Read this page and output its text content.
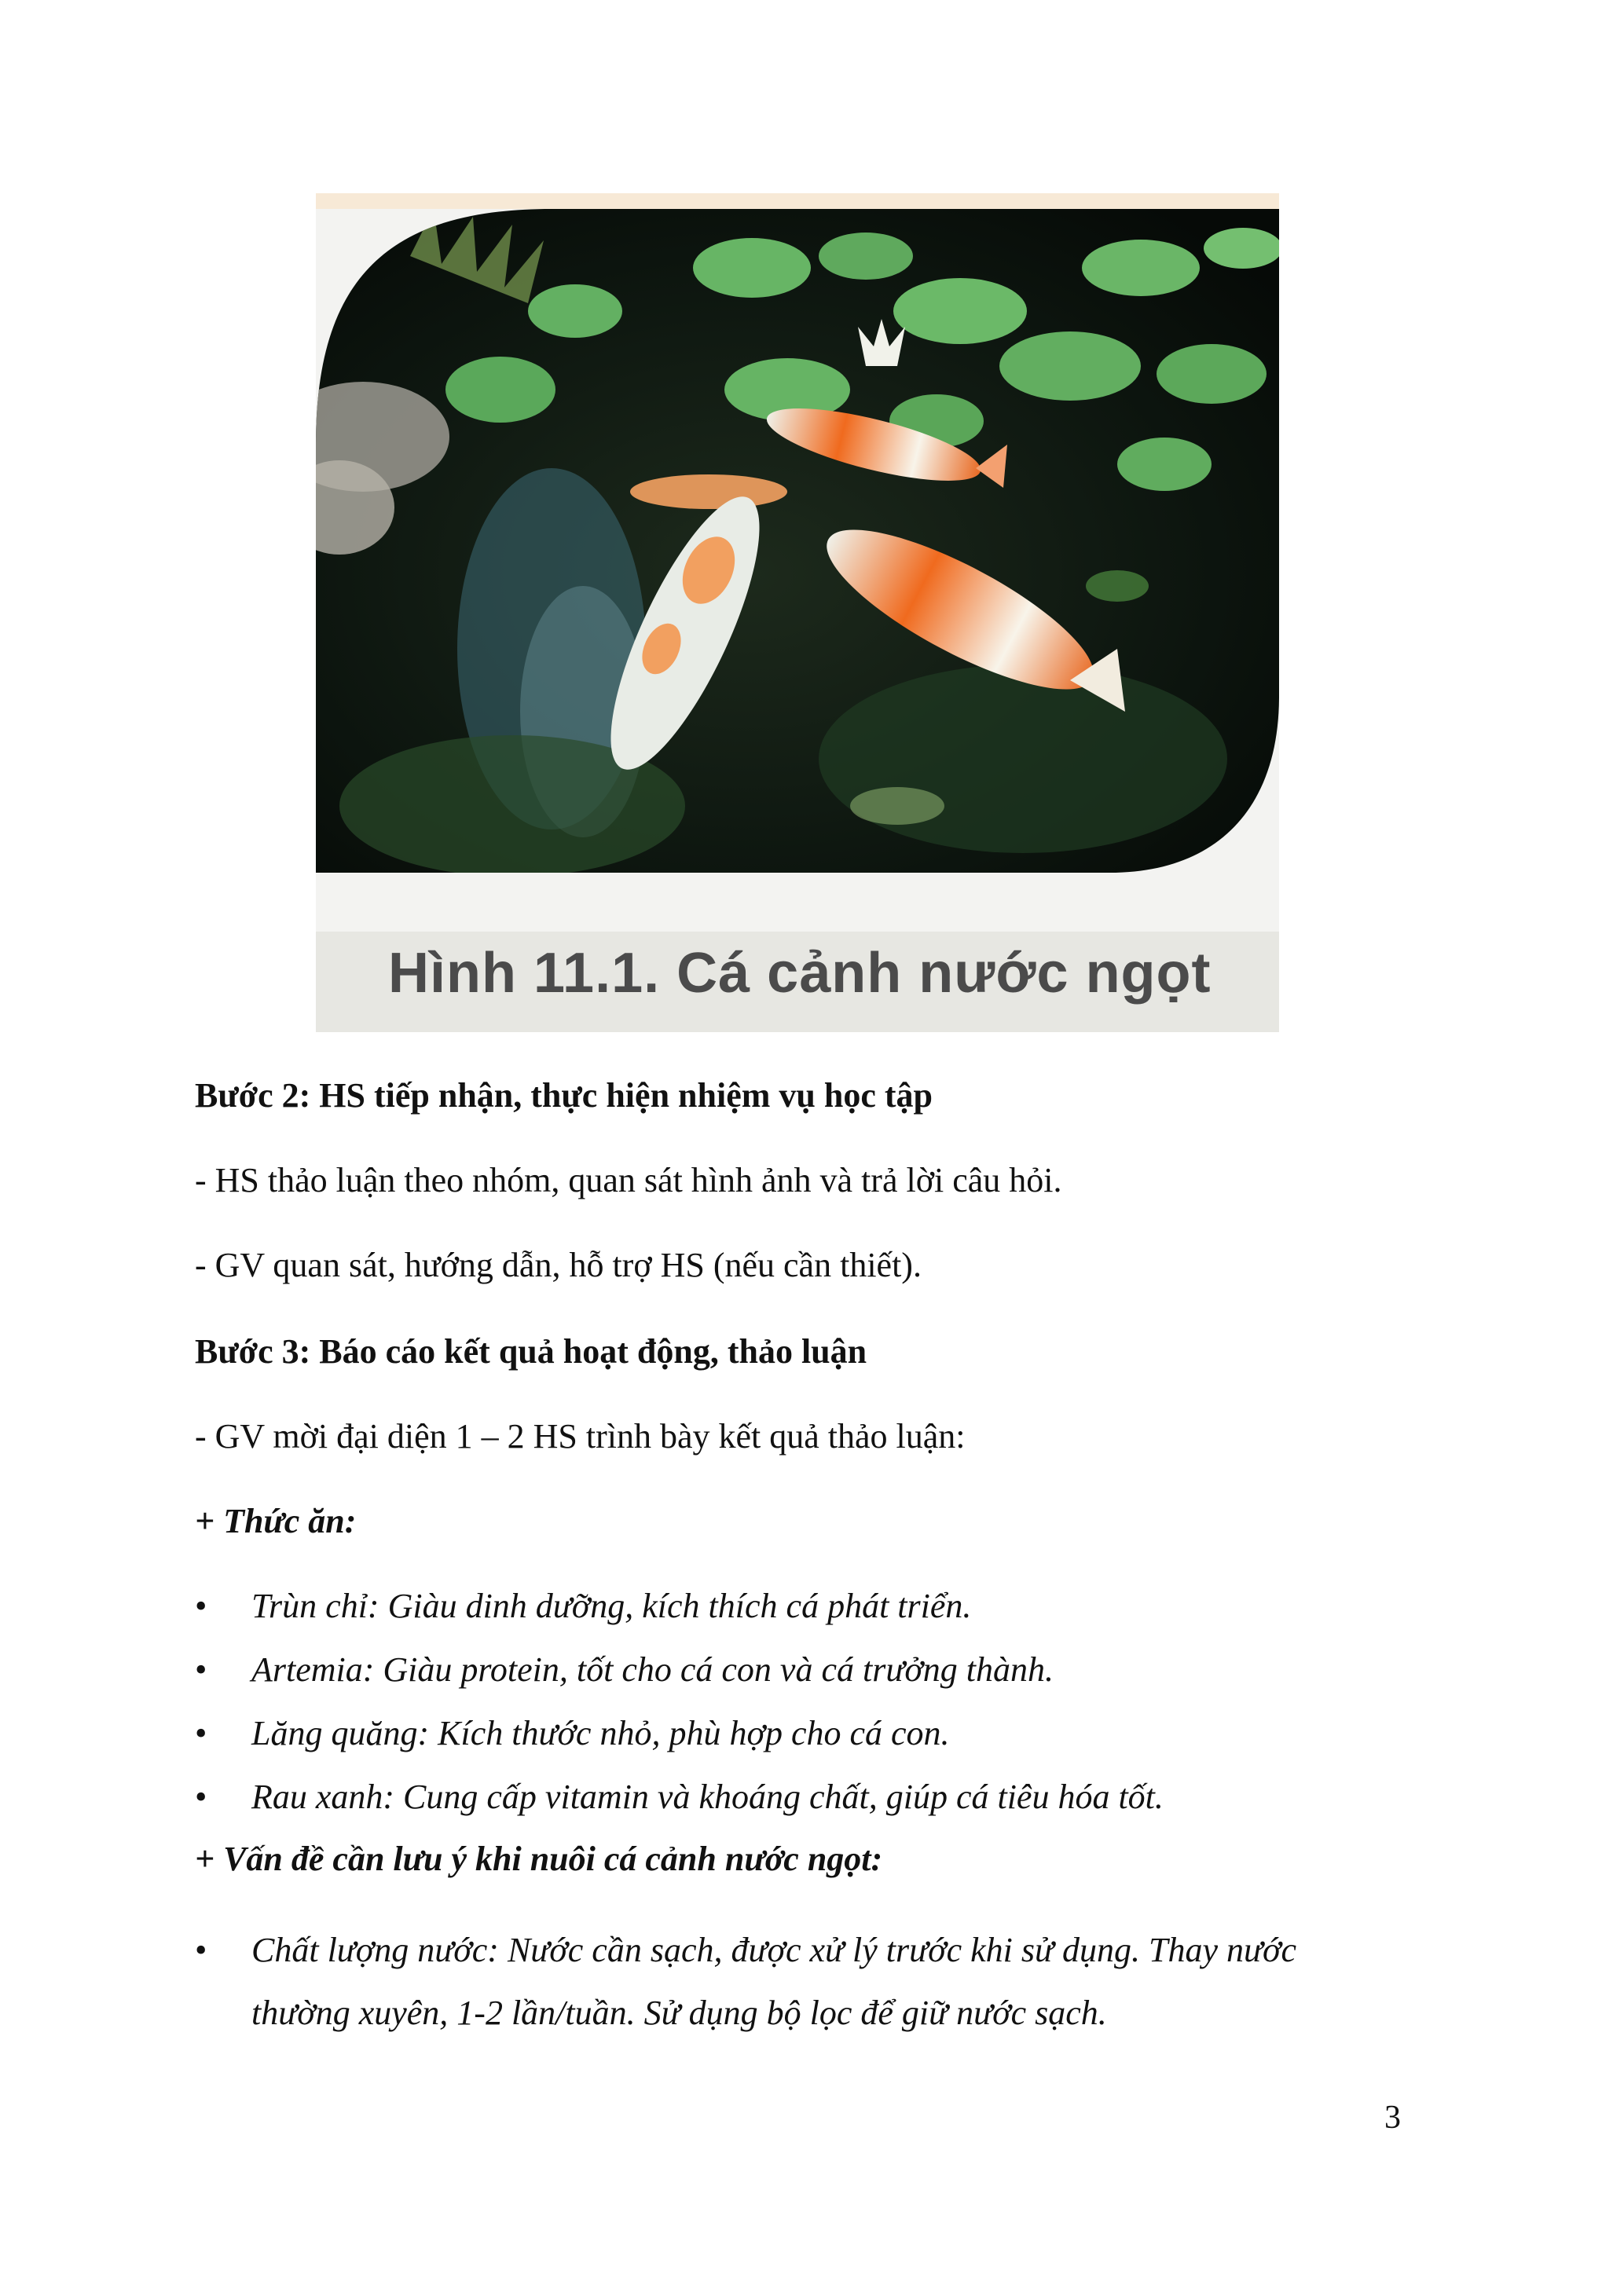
Hình 11.1. Cá cảnh nước ngọt
Bước 2: HS tiếp nhận, thực hiện nhiệm vụ học tập
- HS thảo luận theo nhóm, quan sát hình ảnh và trả lời câu hỏi.
- GV quan sát, hướng dẫn, hỗ trợ HS (nếu cần thiết).
Bước 3: Báo cáo kết quả hoạt động, thảo luận
- GV mời đại diện 1 – 2 HS trình bày kết quả thảo luận:
+ Thức ăn:
• Trùn chỉ: Giàu dinh dưỡng, kích thích cá phát triển.
• Artemia: Giàu protein, tốt cho cá con và cá trưởng thành.
• Lăng quăng: Kích thước nhỏ, phù hợp cho cá con.
• Rau xanh: Cung cấp vitamin và khoáng chất, giúp cá tiêu hóa tốt.
+ Vấn đề cần lưu ý khi nuôi cá cảnh nước ngọt:
• Chất lượng nước: Nước cần sạch, được xử lý trước khi sử dụng. Thay nước
thường xuyên, 1-2 lần/tuần. Sử dụng bộ lọc để giữ nước sạch.
3
